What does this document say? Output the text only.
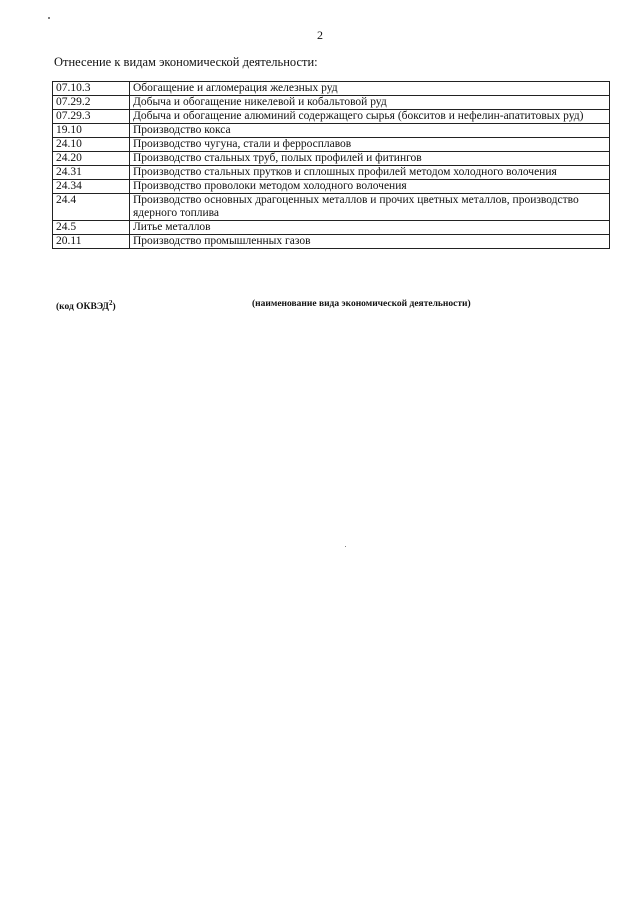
2
Отнесение к видам экономической деятельности:
07.10.3	Обогащение и агломерация железных руд
07.29.2	Добыча и обогащение никелевой и кобальтовой руд
07.29.3	Добыча и обогащение алюминий содержащего сырья (бокситов и нефелин-апатитовых руд)
19.10	Производство кокса
24.10	Производство чугуна, стали и ферросплавов
24.20	Производство стальных труб, полых профилей и фитингов
24.31	Производство стальных прутков и сплошных профилей методом холодного волочения
24.34	Производство проволоки методом холодного волочения
24.4	Производство основных драгоценных металлов и прочих цветных металлов, производство ядерного топлива
24.5	Литье металлов
20.11	Производство промышленных газов
(код ОКВЭД$^2$)	(наименование вида экономической деятельности)
